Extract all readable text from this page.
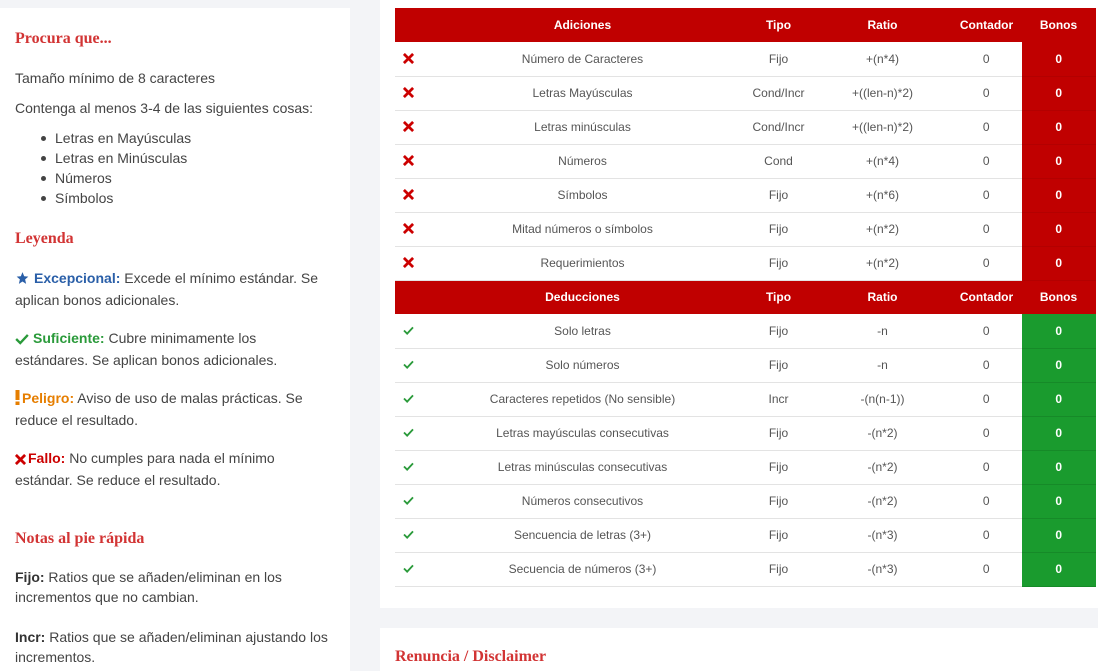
Procura que...
Tamaño mínimo de 8 caracteres
Contenga al menos 3-4 de las siguientes cosas:
Letras en Mayúsculas
Letras en Minúsculas
Números
Símbolos
Leyenda
Excepcional: Excede el mínimo estándar. Se aplican bonos adicionales.
Suficiente: Cubre minimamente los estándares. Se aplican bonos adicionales.
Peligro: Aviso de uso de malas prácticas. Se reduce el resultado.
Fallo: No cumples para nada el mínimo estándar. Se reduce el resultado.
Notas al pie rápida
Fijo: Ratios que se añaden/eliminan en los incrementos que no cambian.
Incr: Ratios que se añaden/eliminan ajustando los incrementos.
	Adiciones	Tipo	Ratio	Contador	Bonos
	Número de Caracteres	Fijo	+(n*4)	0	0
	Letras Mayúsculas	Cond/Incr	+((len-n)*2)	0	0
	Letras minúsculas	Cond/Incr	+((len-n)*2)	0	0
	Números	Cond	+(n*4)	0	0
	Símbolos	Fijo	+(n*6)	0	0
	Mitad números o símbolos	Fijo	+(n*2)	0	0
	Requerimientos	Fijo	+(n*2)	0	0
	Deducciones	Tipo	Ratio	Contador	Bonos
	Solo letras	Fijo	-n	0	0
	Solo números	Fijo	-n	0	0
	Caracteres repetidos (No sensible)	Incr	-(n(n-1))	0	0
	Letras mayúsculas consecutivas	Fijo	-(n*2)	0	0
	Letras minúsculas consecutivas	Fijo	-(n*2)	0	0
	Números consecutivos	Fijo	-(n*2)	0	0
	Sencuencia de letras (3+)	Fijo	-(n*3)	0	0
	Secuencia de números (3+)	Fijo	-(n*3)	0	0
Renuncia / Disclaimer
